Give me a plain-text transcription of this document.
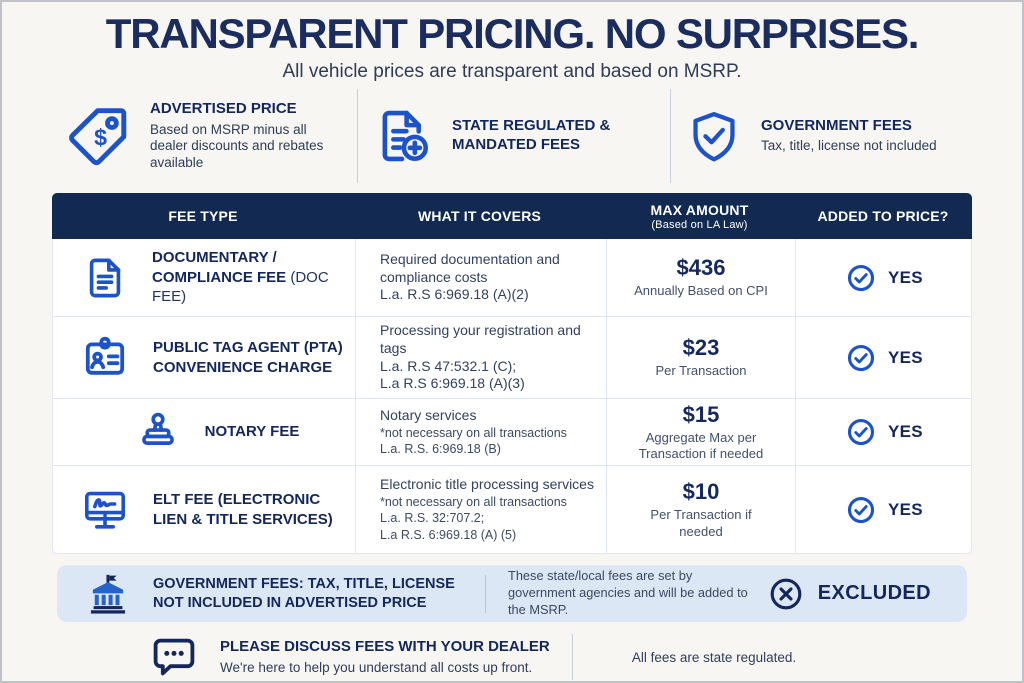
TRANSPARENT PRICING. NO SURPRISES.
All vehicle prices are transparent and based on MSRP.
$
ADVERTISED PRICE
Based on MSRP minus all dealer discounts and rebates available
STATE REGULATED & MANDATED FEES
GOVERNMENT FEES
Tax, title, license not included
FEE TYPE	WHAT IT COVERS	MAX AMOUNT
(Based on LA Law)
ADDED TO PRICE?
DOCUMENTARY / COMPLIANCE FEE (DOC FEE)
Required documentation and compliance costs
L.a. R.S 6:969.18 (A)(2)
$436
Annually Based on CPI
YES
PUBLIC TAG AGENT (PTA) CONVENIENCE CHARGE
Processing your registration and tags
L.a. R.S 47:532.1 (C);
L.a R.S 6:969.18 (A)(3)
$23
Per Transaction
YES
NOTARY FEE
Notary services
*not necessary on all transactions
L.a. R.S. 6:969.18 (B)
$15
Aggregate Max per Transaction if needed
YES
ELT FEE (ELECTRONIC LIEN & TITLE SERVICES)
Electronic title processing services
*not necessary on all transactions
L.a. R.S. 32:707.2;
L.a R.S. 6:969.18 (A) (5)
$10
Per Transaction if needed
YES
GOVERNMENT FEES: TAX, TITLE, LICENSE NOT INCLUDED IN ADVERTISED PRICE
These state/local fees are set by government agencies and will be added to the MSRP.
EXCLUDED
PLEASE DISCUSS FEES WITH YOUR DEALER
We're here to help you understand all costs up front.
All fees are state regulated.
